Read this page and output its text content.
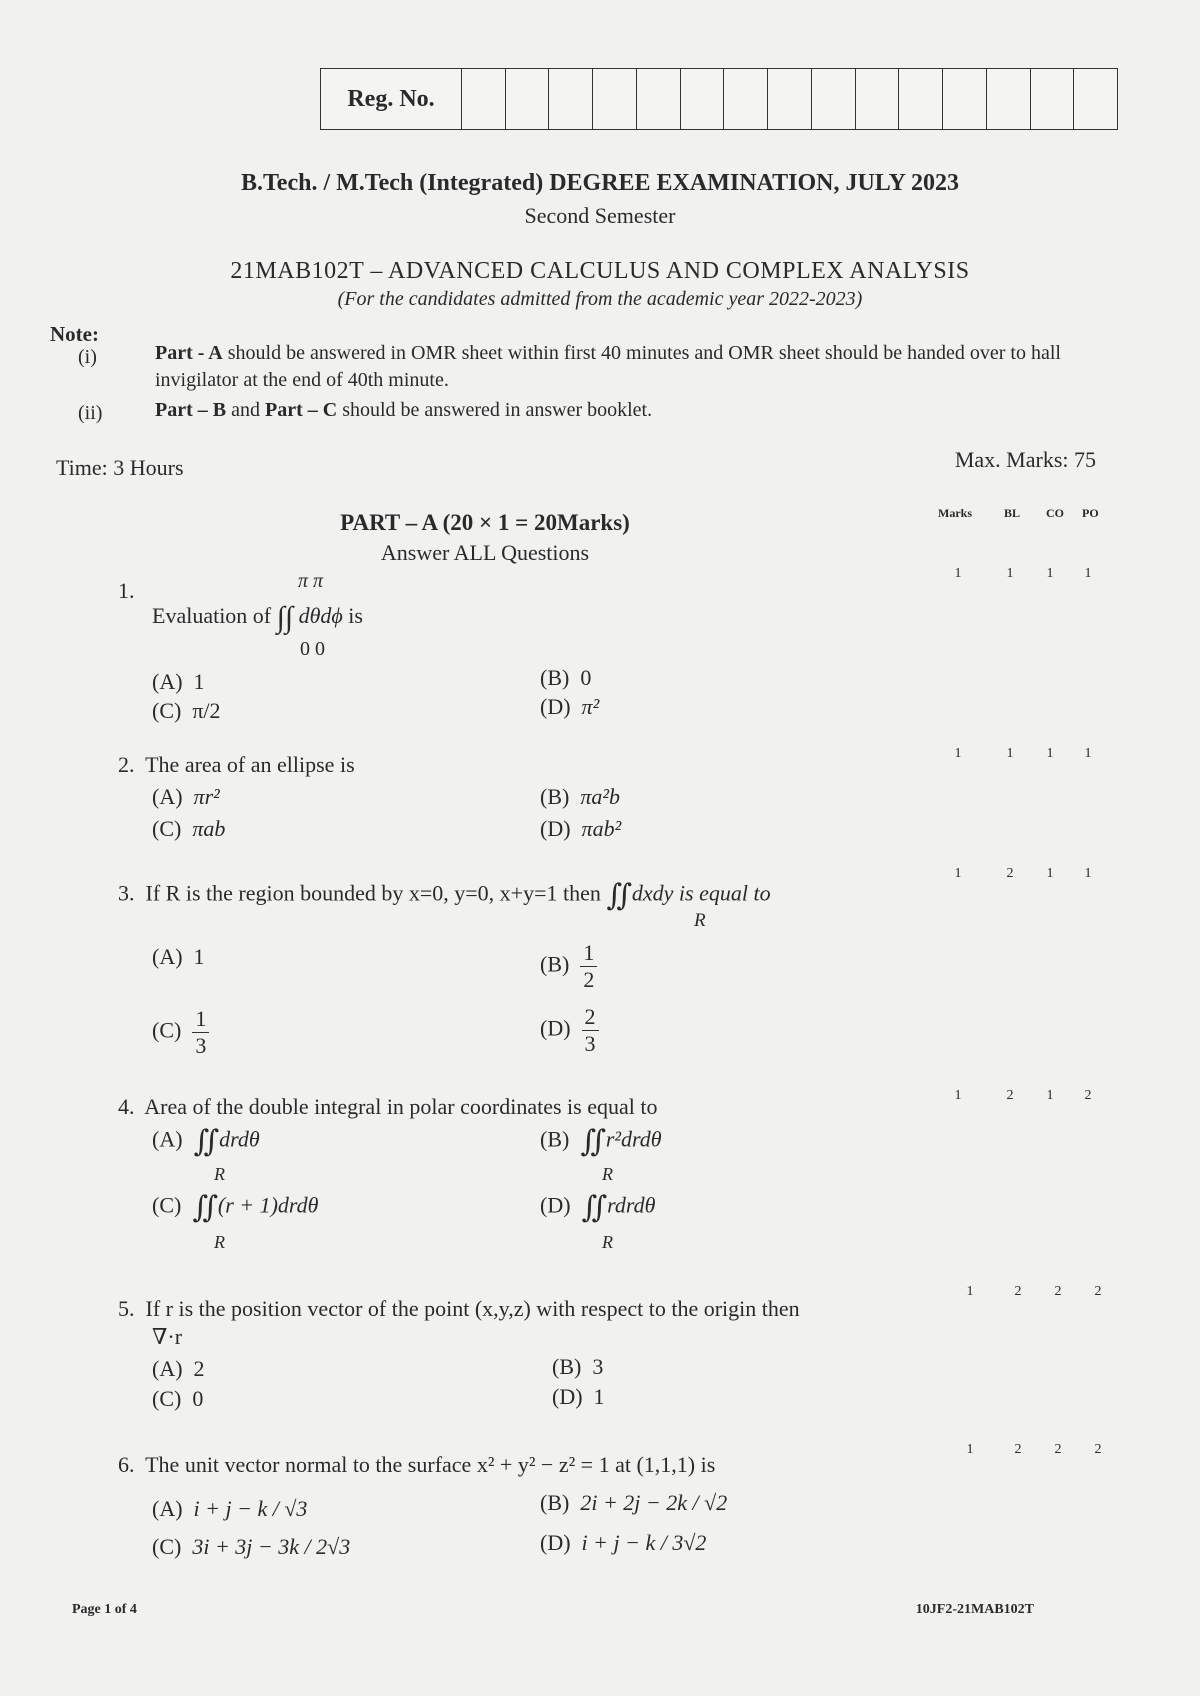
Reg. No.
B.Tech. / M.Tech (Integrated) DEGREE EXAMINATION, JULY 2023
Second Semester
21MAB102T – ADVANCED CALCULUS AND COMPLEX ANALYSIS
(For the candidates admitted from the academic year 2022-2023)
Note:
(i)	Part - A should be answered in OMR sheet within first 40 minutes and OMR sheet should be handed over to hall invigilator at the end of 40th minute.
(ii)	Part – B and Part – C should be answered in answer booklet.
Time: 3 Hours	Max. Marks: 75
Marks	BL CO PO
PART – A (20 × 1 = 20Marks)
Answer ALL Questions
1.	π π
Evaluation of ∫∫ dθdϕ is
0 0
(A)  1
(C)  π/2
(B)  0
(D)  π²
1	1	1	1
2. The area of an ellipse is
(A)  πr²
(C)  πab
(B)  πa²b
(D)  πab²
1	1	1	1
3. If R is the region bounded by x=0, y=0, x+y=1 then ∬dxdy is equal to
R
(A)  1	$(B) \frac{1}{2}$
$(C) \frac{1}{3}$	$(D) \frac{2}{3}$
1	2	1	1
4. Area of the double integral in polar coordinates is equal to
(A)  ∬drdθ
R
(B)  ∬r²drdθ
R
(C)  ∬(r + 1)drdθ
R
(D)  ∬rdrdθ
R
1	2	1	2
5. If r is the position vector of the point (x,y,z) with respect to the origin then
∇·r
(A)  2
(C)  0
(B)  3
(D)  1
1	2	2	2
6. The unit vector normal to the surface x² + y² − z² = 1 at (1,1,1) is
(A)  i + j − k / √3	(B)  2i + 2j − 2k / √2
(C)  3i + 3j − 3k / 2√3	(D)  i + j − k / 3√2
1	2	2	2
Page 1 of 4	10JF2-21MAB102T
